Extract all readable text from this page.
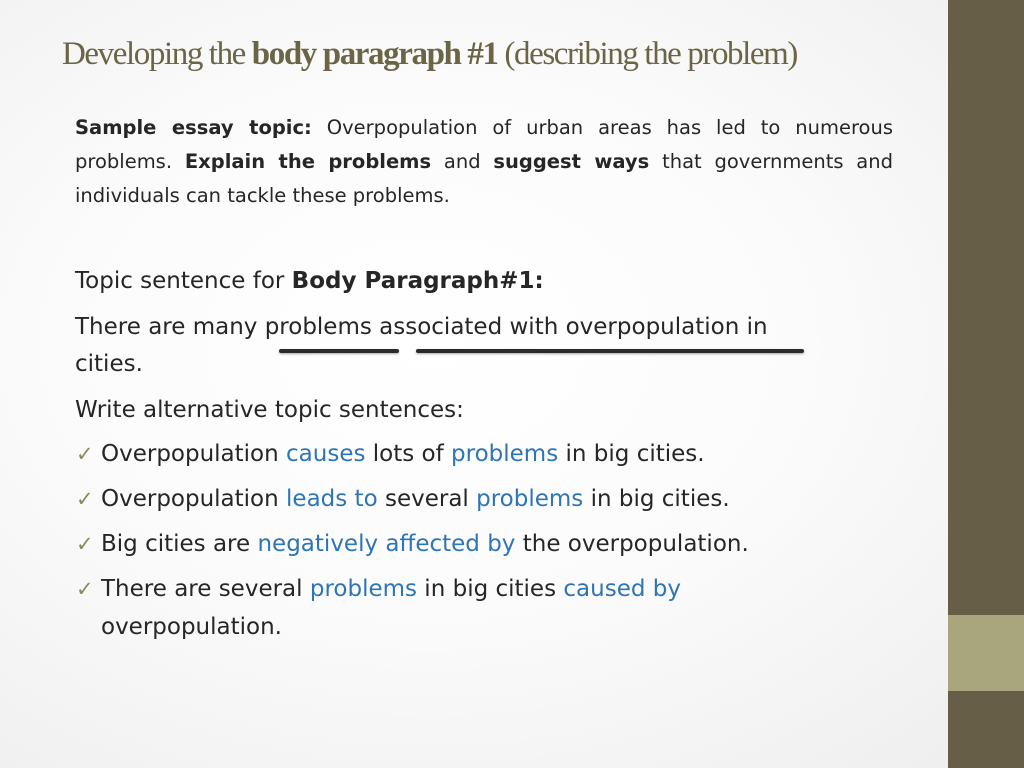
Developing the body paragraph #1 (describing the problem)

Sample essay topic: Overpopulation of urban areas has led to numerous problems. Explain the problems and suggest ways that governments and individuals can tackle these problems.

Topic sentence for Body Paragraph#1:

There are many problems associated with overpopulation in

cities.

Write alternative topic sentences:

✓ Overpopulation causes lots of problems in big cities.
✓ Overpopulation leads to several problems in big cities.
✓ Big cities are negatively affected by the overpopulation.
✓ There are several problems in big cities caused by
overpopulation.
